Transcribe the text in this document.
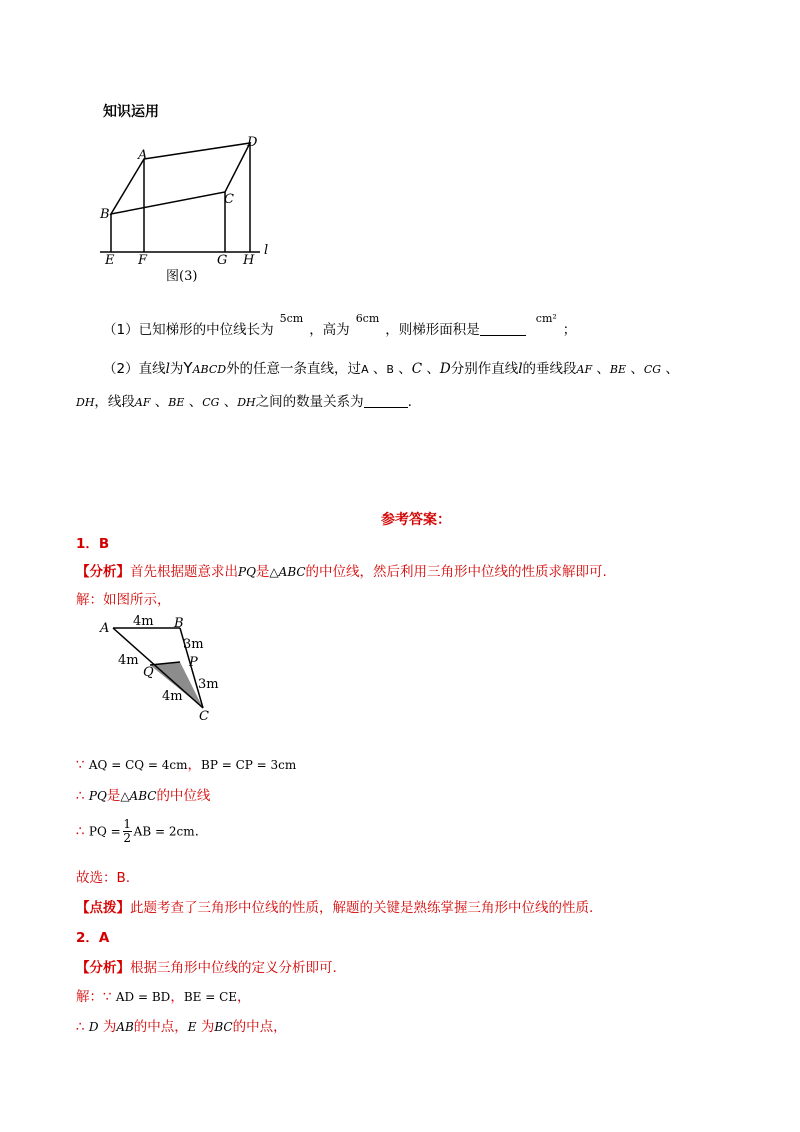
知识运用
A
D
C
B
E F	G H
l
图(3)
（1）已知梯形的中位线长为$^{5cm}$，高为$^{6cm}$，则梯形面积是$^{cm^2}$；
（2）直线l为YABCD外的任意一条直线，过A 、B 、C 、D分别作直线l的垂线段AF 、BE 、CG 、
DH，线段AF 、BE 、CG 、DH之间的数量关系为	.
参考答案：
1．B
【分析】首先根据题意求出PQ是△ABC的中位线，然后利用三角形中位线的性质求解即可.
解：如图所示，
A	B
C
P
Q
4m
3m
4m
3m
4m
∵ AQ = CQ = 4cm，BP = CP = 3cm
∴ PQ是△ABC的中位线
∴ PQ = $\frac{1}{2}$ AB = 2cm.
故选：B.
【点拨】此题考查了三角形中位线的性质，解题的关键是熟练掌握三角形中位线的性质.
2．A
【分析】根据三角形中位线的定义分析即可.
解：∵ AD = BD，BE = CE，
∴ D 为AB的中点，E 为BC的中点，
